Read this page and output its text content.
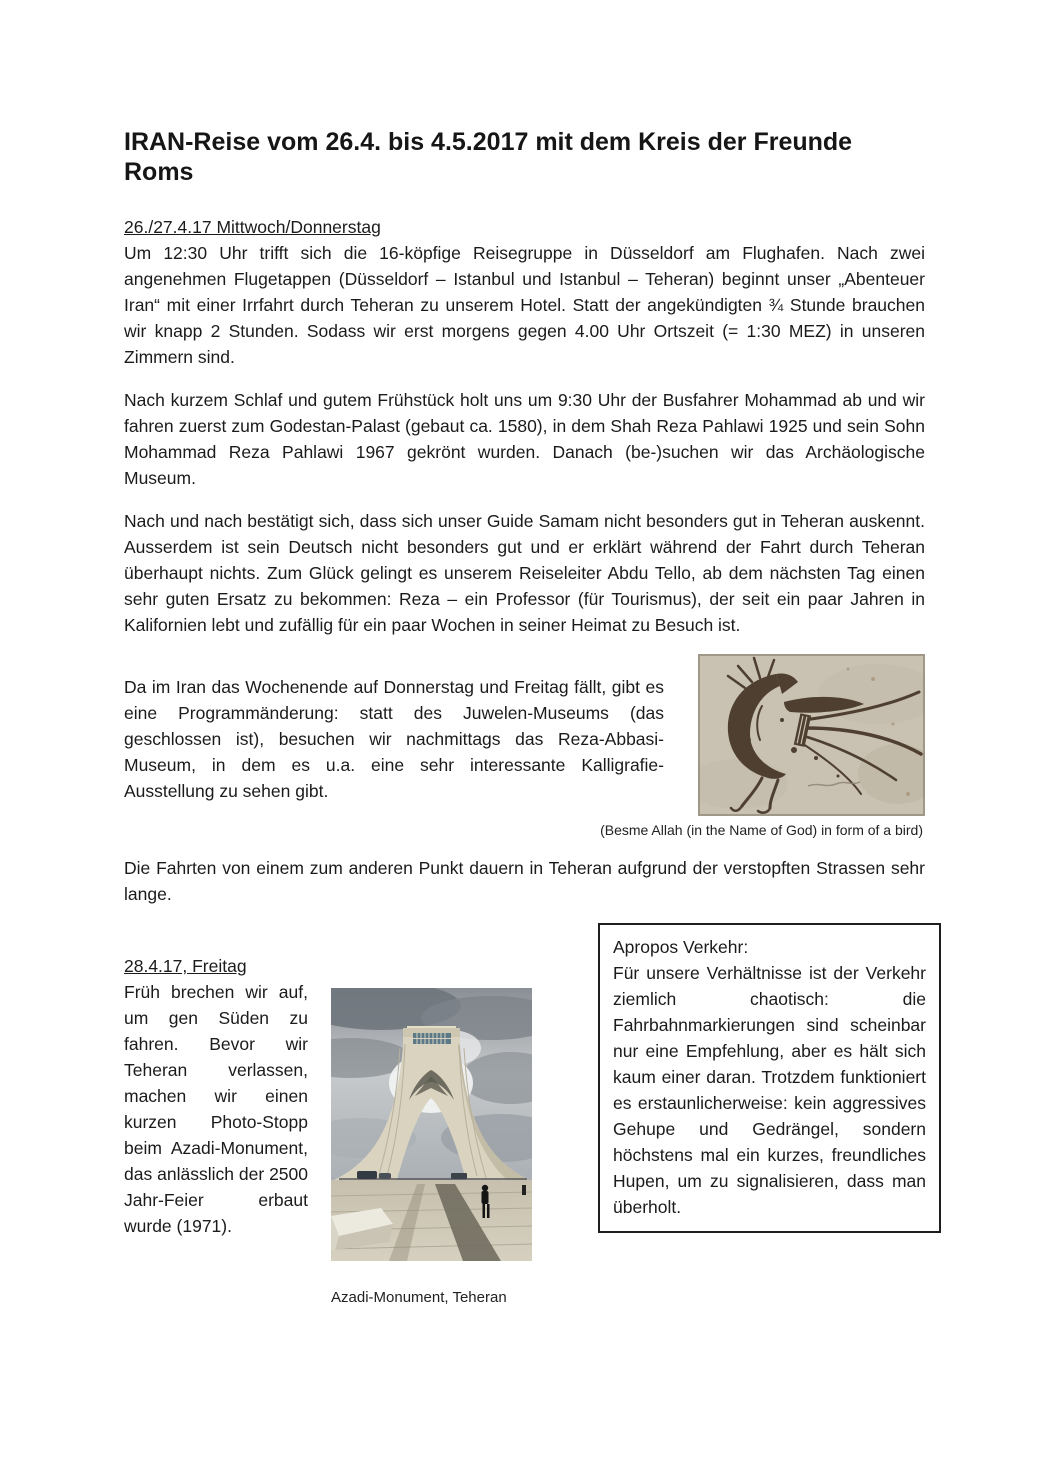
IRAN-Reise vom 26.4. bis 4.5.2017 mit dem Kreis der Freunde Roms
26./27.4.17 Mittwoch/Donnerstag

Um 12:30 Uhr trifft sich die 16-köpfige Reisegruppe in Düsseldorf am Flughafen. Nach zwei angenehmen Flugetappen (Düsseldorf – Istanbul und Istanbul – Teheran) beginnt unser „Abenteuer Iran“ mit einer Irrfahrt durch Teheran zu unserem Hotel. Statt der angekündigten ¾ Stunde brauchen wir knapp 2 Stunden. Sodass wir erst morgens gegen 4.00 Uhr Ortszeit (= 1:30 MEZ) in unseren Zimmern sind.

Nach kurzem Schlaf und gutem Frühstück holt uns um 9:30 Uhr der Busfahrer Mohammad ab und wir fahren zuerst zum Godestan-Palast (gebaut ca. 1580), in dem Shah Reza Pahlawi 1925 und sein Sohn Mohammad Reza Pahlawi 1967 gekrönt wurden. Danach (be-)suchen wir das Archäologische Museum.

Nach und nach bestätigt sich, dass sich unser Guide Samam nicht besonders gut in Teheran auskennt. Ausserdem ist sein Deutsch nicht besonders gut und er erklärt während der Fahrt durch Teheran überhaupt nichts. Zum Glück gelingt es unserem Reiseleiter Abdu Tello, ab dem nächsten Tag einen sehr guten Ersatz zu bekommen: Reza – ein Professor (für Tourismus), der seit ein paar Jahren in Kalifornien lebt und zufällig für ein paar Wochen in seiner Heimat zu Besuch ist.

Da im Iran das Wochenende auf Donnerstag und Freitag fällt, gibt es eine Programmänderung: statt des Juwelen-Museums (das geschlossen ist), besuchen wir nachmittags das Reza-Abbasi-Museum, in dem es u.a. eine sehr interessante Kalligrafie-Ausstellung zu sehen gibt.

(Besme Allah (in the Name of God) in form of a bird)

Die Fahrten von einem zum anderen Punkt dauern in Teheran aufgrund der verstopften Strassen sehr lange.

Apropos Verkehr:
Für unsere Verhältnisse ist der Verkehr ziemlich chaotisch: die Fahrbahnmarkierungen sind scheinbar nur eine Empfehlung, aber es hält sich kaum einer daran. Trotzdem funktioniert es erstaunlicherweise: kein aggressives Gehupe und Gedrängel, sondern höchstens mal ein kurzes, freundliches Hupen, um zu signalisieren, dass man überholt.
28.4.17, Freitag

Früh brechen wir auf, um gen Süden zu fahren. Bevor wir Teheran verlassen, machen wir einen kurzen Photo-Stopp beim Azadi-Monument, das anlässlich der 2500 Jahr-Feier erbaut wurde (1971).

Azadi-Monument, Teheran
